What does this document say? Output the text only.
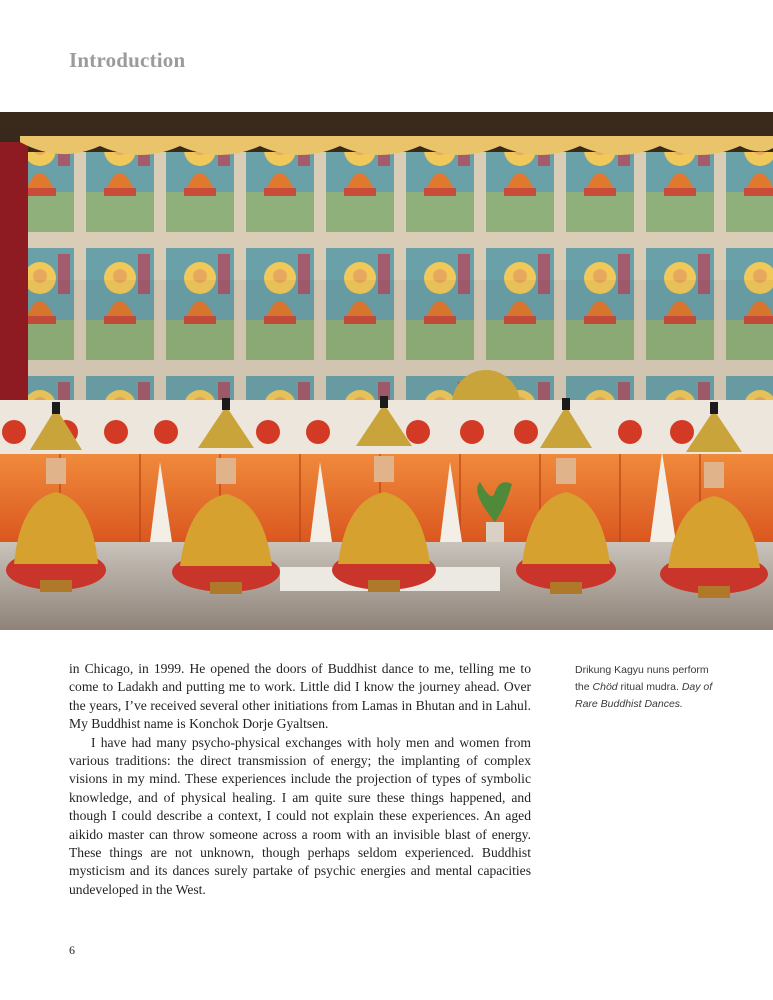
Introduction

in Chicago, in 1999. He opened the doors of Buddhist dance to me, telling me to come to Ladakh and putting me to work. Little did I know the journey ahead. Over the years, I’ve received several other initiations from Lamas in Bhutan and in Lahul. My Buddhist name is Konchok Dorje Gyaltsen.

I have had many psycho-physical exchanges with holy men and women from various traditions: the direct transmission of energy; the implanting of complex visions in my mind. These experiences include the projection of types of symbolic knowledge, and of physical healing. I am quite sure these things happened, and though I could describe a context, I could not explain these experiences. An aged aikido master can throw someone across a room with an invisible blast of energy. These things are not unknown, though perhaps seldom experienced. Buddhist mysticism and its dances surely partake of psychic energies and mental capacities undeveloped in the West.

Drikung Kagyu nuns perform
the Chöd ritual mudra. Day of
Rare Buddhist Dances.
6
